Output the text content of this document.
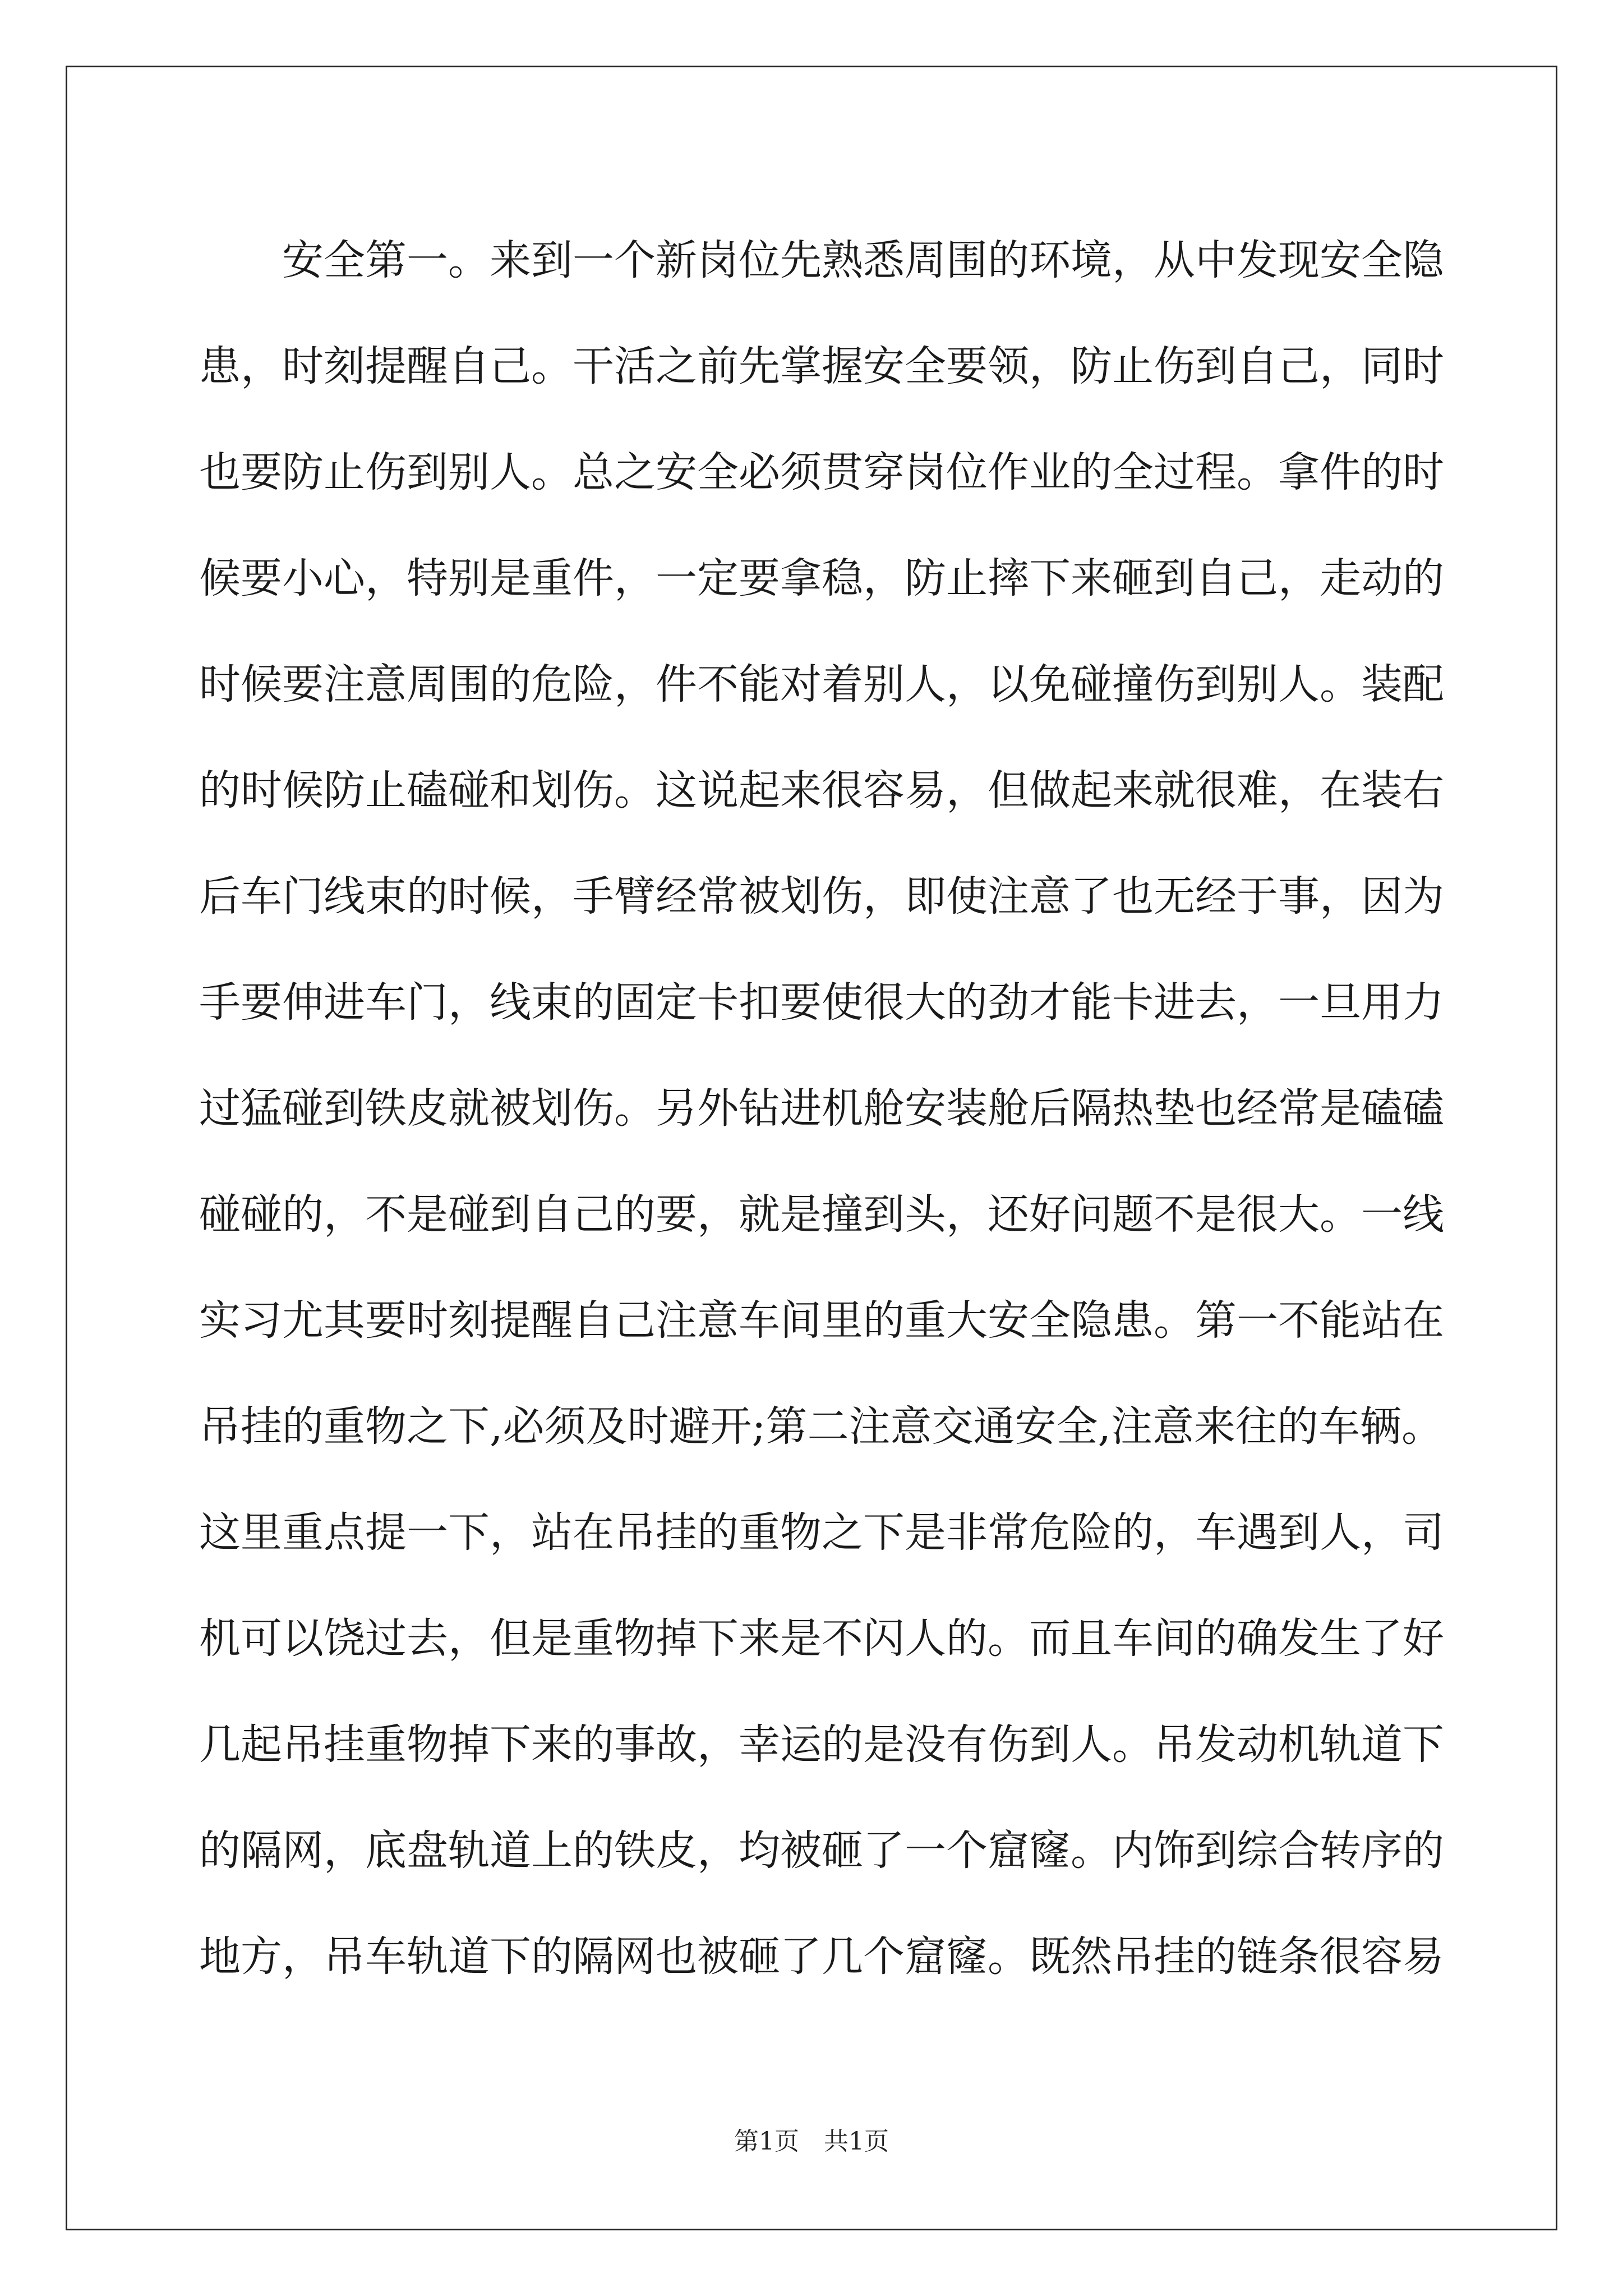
安全第一。来到一个新岗位先熟悉周围的环境，从中发现安全隐
患，时刻提醒自己。干活之前先掌握安全要领，防止伤到自己，同时
也要防止伤到别人。总之安全必须贯穿岗位作业的全过程。拿件的时
候要小心，特别是重件，一定要拿稳，防止摔下来砸到自己，走动的
时候要注意周围的危险，件不能对着别人，以免碰撞伤到别人。装配
的时候防止磕碰和划伤。这说起来很容易，但做起来就很难，在装右
后车门线束的时候，手臂经常被划伤，即使注意了也无经于事，因为
手要伸进车门，线束的固定卡扣要使很大的劲才能卡进去，一旦用力
过猛碰到铁皮就被划伤。另外钻进机舱安装舱后隔热垫也经常是磕磕
碰碰的，不是碰到自己的要，就是撞到头，还好问题不是很大。一线
实习尤其要时刻提醒自己注意车间里的重大安全隐患。第一不能站在
吊挂的重物之下,必须及时避开;第二注意交通安全,注意来往的车辆。
这里重点提一下，站在吊挂的重物之下是非常危险的，车遇到人，司
机可以饶过去，但是重物掉下来是不闪人的。而且车间的确发生了好
几起吊挂重物掉下来的事故，幸运的是没有伤到人。吊发动机轨道下
的隔网，底盘轨道上的铁皮，均被砸了一个窟窿。内饰到综合转序的
地方，吊车轨道下的隔网也被砸了几个窟窿。既然吊挂的链条很容易
第1页　共1页
